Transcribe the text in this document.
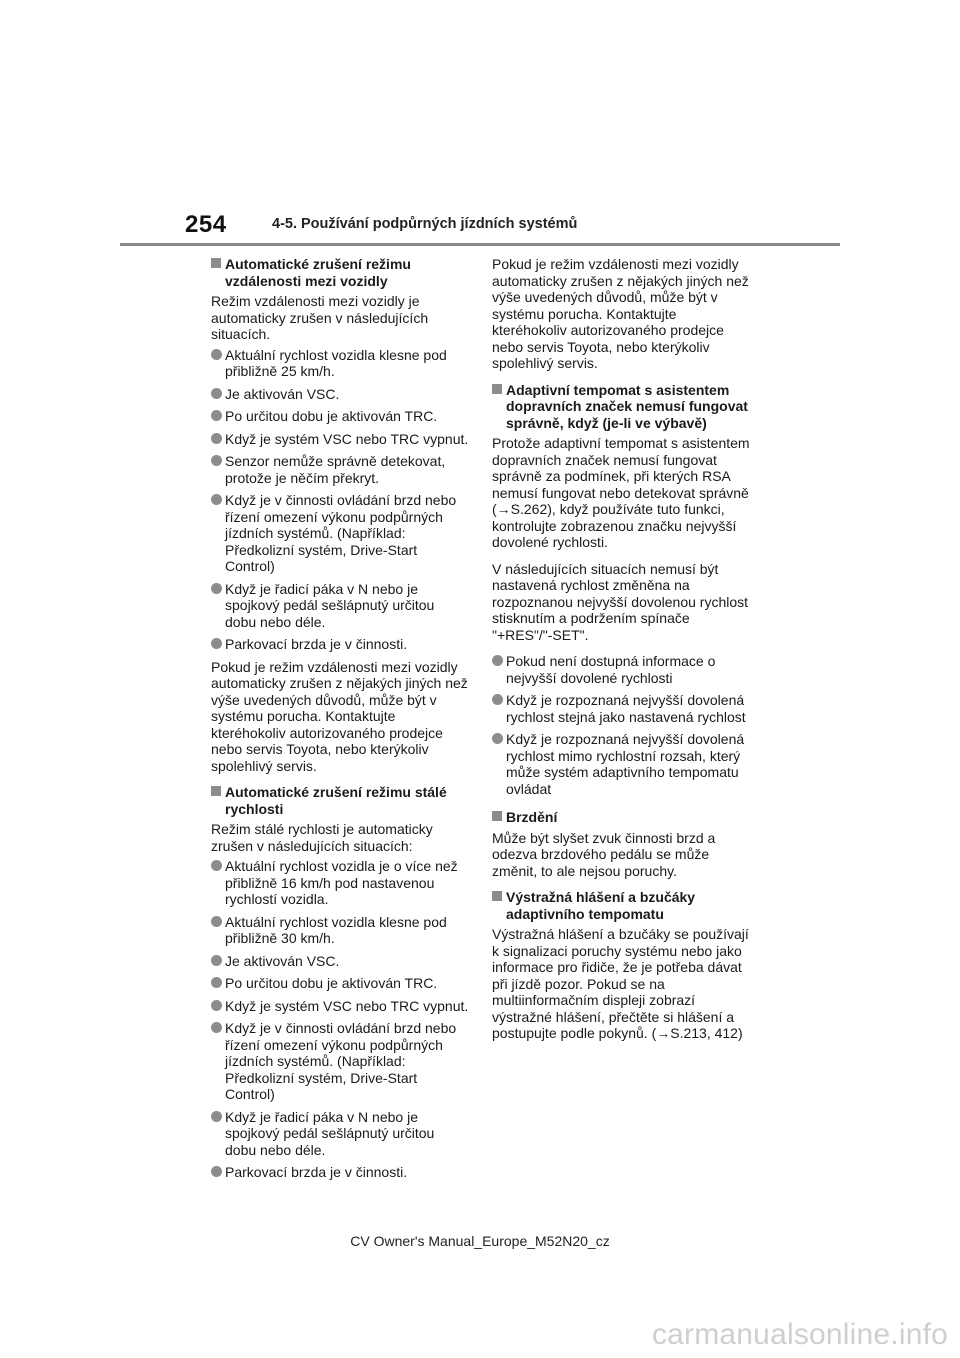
254	4-5. Používání podpůrných jízdních systémů
Automatické zrušení režimu vzdálenosti mezi vozidly
Režim vzdálenosti mezi vozidly je automaticky zrušen v následujících situacích.
Aktuální rychlost vozidla klesne pod přibližně 25 km/h.
Je aktivován VSC.
Po určitou dobu je aktivován TRC.
Když je systém VSC nebo TRC vypnut.
Senzor nemůže správně detekovat, protože je něčím překryt.
Když je v činnosti ovládání brzd nebo řízení omezení výkonu podpůrných jízdních systémů. (Například: Předkolizní systém, Drive-Start Control)
Když je řadicí páka v N nebo je spojkový pedál sešlápnutý určitou dobu nebo déle.
Parkovací brzda je v činnosti.
Pokud je režim vzdálenosti mezi vozidly automaticky zrušen z nějakých jiných než výše uvedených důvodů, může být v systému porucha. Kontaktujte kteréhokoliv autorizovaného prodejce nebo servis Toyota, nebo kterýkoliv spolehlivý servis.
Automatické zrušení režimu stálé rychlosti
Režim stálé rychlosti je automaticky zrušen v následujících situacích:
Aktuální rychlost vozidla je o více než přibližně 16 km/h pod nastavenou rychlostí vozidla.
Aktuální rychlost vozidla klesne pod přibližně 30 km/h.
Je aktivován VSC.
Po určitou dobu je aktivován TRC.
Když je systém VSC nebo TRC vypnut.
Když je v činnosti ovládání brzd nebo řízení omezení výkonu podpůrných jízdních systémů. (Například: Předkolizní systém, Drive-Start Control)
Když je řadicí páka v N nebo je spojkový pedál sešlápnutý určitou dobu nebo déle.
Parkovací brzda je v činnosti.
Pokud je režim vzdálenosti mezi vozidly automaticky zrušen z nějakých jiných než výše uvedených důvodů, může být v systému porucha. Kontaktujte kteréhokoliv autorizovaného prodejce nebo servis Toyota, nebo kterýkoliv spolehlivý servis.
Adaptivní tempomat s asistentem dopravních značek nemusí fungovat správně, když (je-li ve výbavě)
Protože adaptivní tempomat s asistentem dopravních značek nemusí fungovat správně za podmínek, při kterých RSA nemusí fungovat nebo detekovat správně (→S.262), když používáte tuto funkci, kontrolujte zobrazenou značku nejvyšší dovolené rychlosti.
V následujících situacích nemusí být nastavená rychlost změněna na rozpoznanou nejvyšší dovolenou rychlost stisknutím a podržením spínače "+RES"/"-SET".
Pokud není dostupná informace o nejvyšší dovolené rychlosti
Když je rozpoznaná nejvyšší dovolená rychlost stejná jako nastavená rychlost
Když je rozpoznaná nejvyšší dovolená rychlost mimo rychlostní rozsah, který může systém adaptivního tempomatu ovládat
Brzdění
Může být slyšet zvuk činnosti brzd a odezva brzdového pedálu se může změnit, to ale nejsou poruchy.
Výstražná hlášení a bzučáky adaptivního tempomatu
Výstražná hlášení a bzučáky se používají k signalizaci poruchy systému nebo jako informace pro řidiče, že je potřeba dávat při jízdě pozor. Pokud se na multiinformačním displeji zobrazí výstražné hlášení, přečtěte si hlášení a postupujte podle pokynů. (→S.213, 412)
CV Owner's Manual_Europe_M52N20_cz
carmanualsonline.info
